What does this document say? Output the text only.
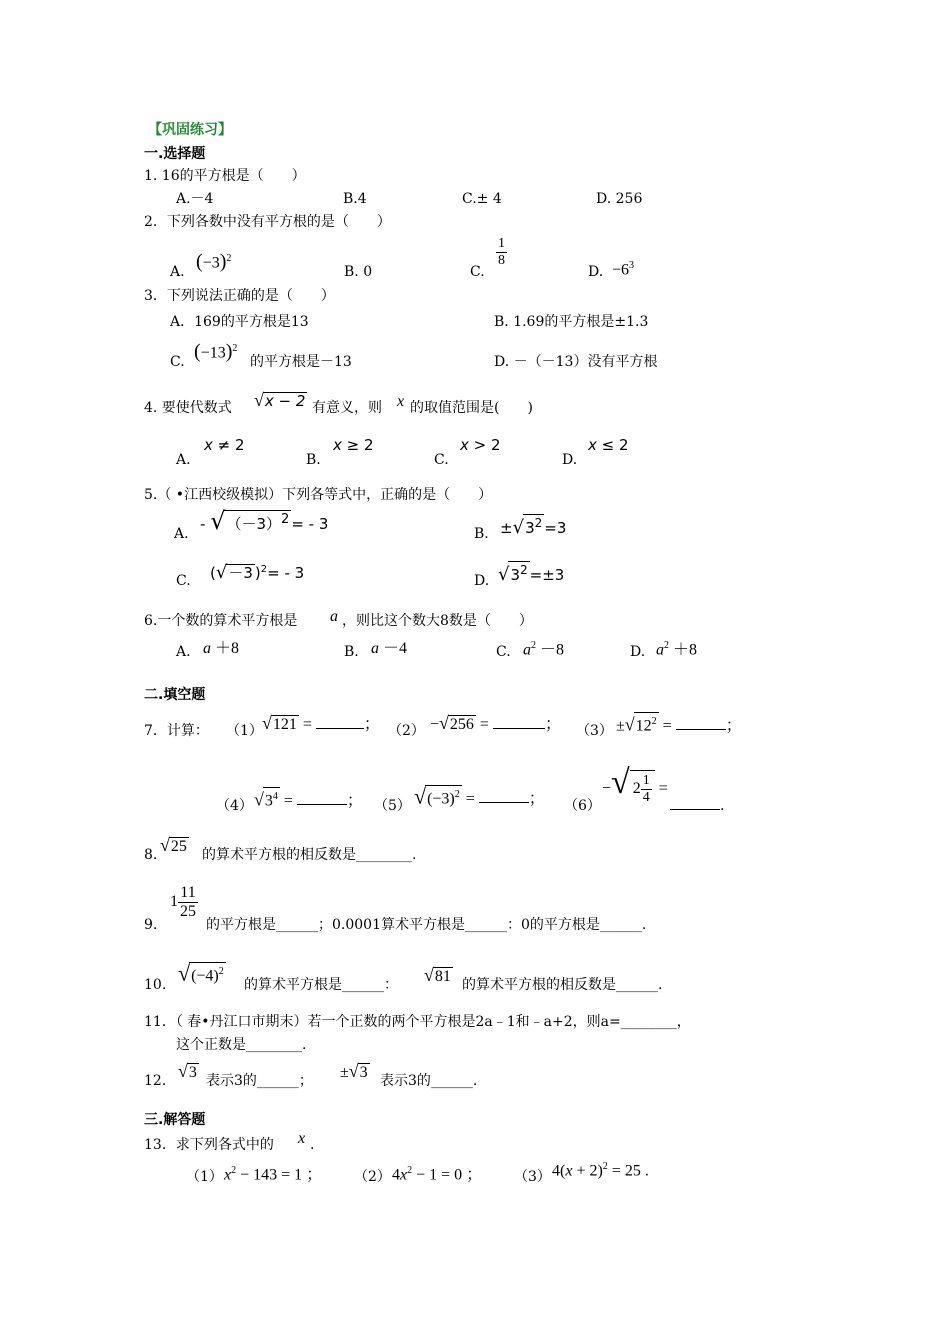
【巩固练习】
一.选择题
1. 16的平方根是（　　）
A.－4	B.4	C.± 4	D. 256
2．下列各数中没有平方根的是（　　）
A. $(-3)^2$
B. 0	C.
$\frac{1}{8}$
D. $-6^3$
3．下列说法正确的是（　　）
A．169的平方根是13	B. 1.69的平方根是±1.3
C. $(-13)^2$
的平方根是－13	D. －（－13）没有平方根
4. 要使代数式 √x − 2 有意义，则 x 的取值范围是(　　)
A.
x ≠ 2
B.
x ≥ 2
C.
x > 2
D.
x ≤ 2
5.（ •江西校级模拟）下列各等式中，正确的是（　　）
A.
- $√(-3)^2$ = - 3
B. $\pm√3^2 =3$
C. (√－3 )$^2$= - 3	D. $√3^2 =\pm 3$
6.一个数的算术平方根是 a ，则比这个数大8数是（　　）
A. a ＋8	B. a －4	C. $a^2 -8$	D. $a^2 +8$
二.填空题
7．计算： （1） √121 =	； （2） −√256 =	； $(3) \pm√12^2$ =	；
（4） $√3^4$ =	； （5） $√(-3)^2$ =	； （6）
−√ $2 \frac{1}{4}$ =
.
8. √25 的算术平方根的相反数是________.
9.
$1 \frac{11}{25}$
的平方根是______；0.0001算术平方根是______：0的平方根是______.
10. $√(-4)^2$
的算术平方根是______： √81 的算术平方根的相反数是______.
11．（ 春•丹江口市期末）若一个正数的两个平方根是2a﹣1和﹣a+2，则a=________，
这个正数是________.
12． √3 表示3的______； ±√3 表示3的______.
三.解答题
13．求下列各式中的 x .
（1） $x^2 - 143 = 1$ ； （2） $4x^2 - 1 = 0$ ； （3） $4(x + 2)^2 = 25$ .
